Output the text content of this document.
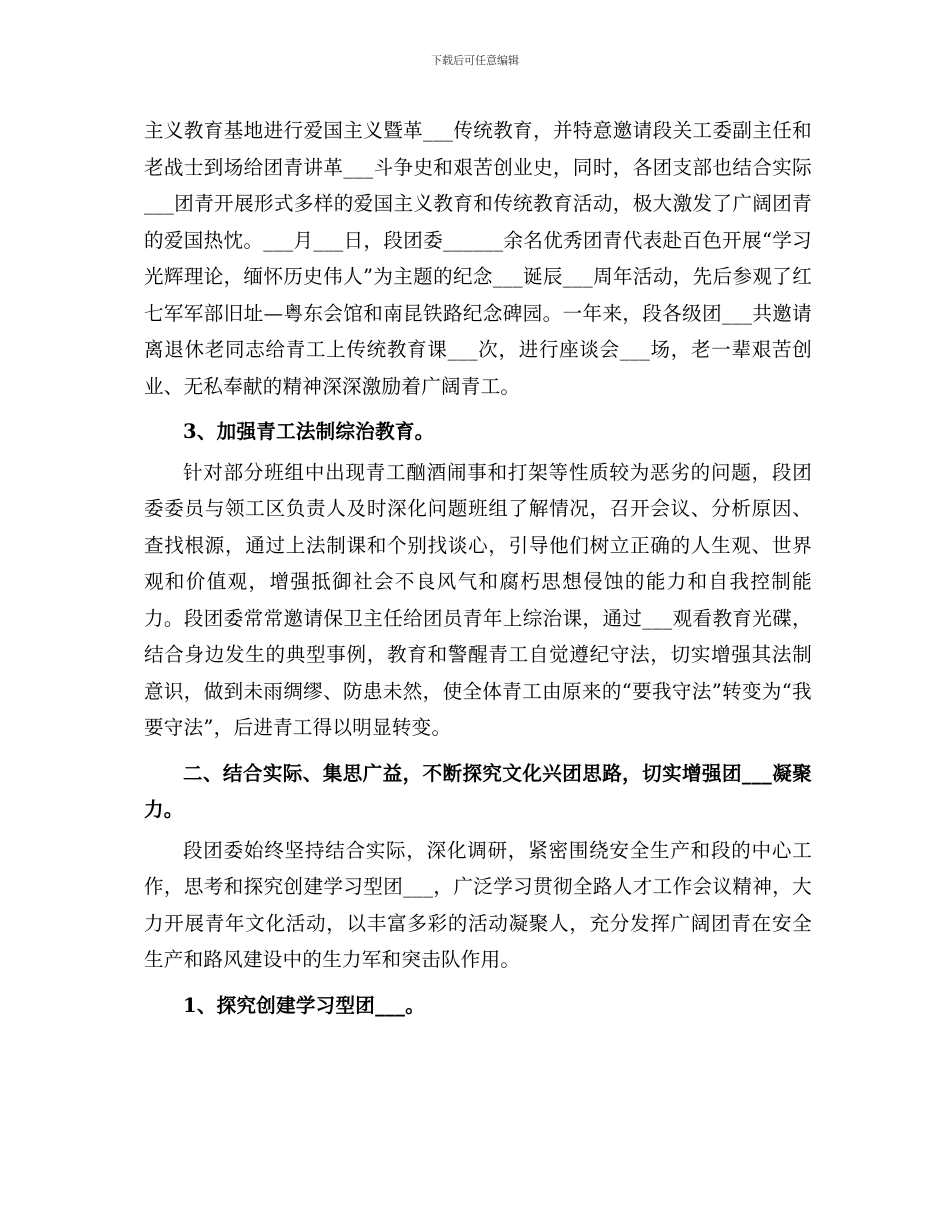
下载后可任意编辑

主义教育基地进行爱国主义暨革___传统教育，并特意邀请段关工委副主任和老战士到场给团青讲革___斗争史和艰苦创业史，同时，各团支部也结合实际___团青开展形式多样的爱国主义教育和传统教育活动，极大激发了广阔团青的爱国热忱。___月___日，段团委______余名优秀团青代表赴百色开展“学习光辉理论，缅怀历史伟人”为主题的纪念___诞辰___周年活动，先后参观了红七军军部旧址—粤东会馆和南昆铁路纪念碑园。一年来，段各级团___共邀请离退休老同志给青工上传统教育课___次，进行座谈会___场，老一辈艰苦创业、无私奉献的精神深深激励着广阔青工。

3、加强青工法制综治教育。

针对部分班组中出现青工酗酒闹事和打架等性质较为恶劣的问题，段团委委员与领工区负责人及时深化问题班组了解情况，召开会议、分析原因、查找根源，通过上法制课和个别找谈心，引导他们树立正确的人生观、世界观和价值观，增强抵御社会不良风气和腐朽思想侵蚀的能力和自我控制能力。段团委常常邀请保卫主任给团员青年上综治课，通过___观看教育光碟，结合身边发生的典型事例，教育和警醒青工自觉遵纪守法，切实增强其法制意识，做到未雨绸缪、防患未然，使全体青工由原来的“要我守法”转变为“我要守法”，后进青工得以明显转变。

二、结合实际、集思广益，不断探究文化兴团思路，切实增强团___凝聚力。

段团委始终坚持结合实际，深化调研，紧密围绕安全生产和段的中心工作，思考和探究创建学习型团___，广泛学习贯彻全路人才工作会议精神，大力开展青年文化活动，以丰富多彩的活动凝聚人，充分发挥广阔团青在安全生产和路风建设中的生力军和突击队作用。

1、探究创建学习型团___。
